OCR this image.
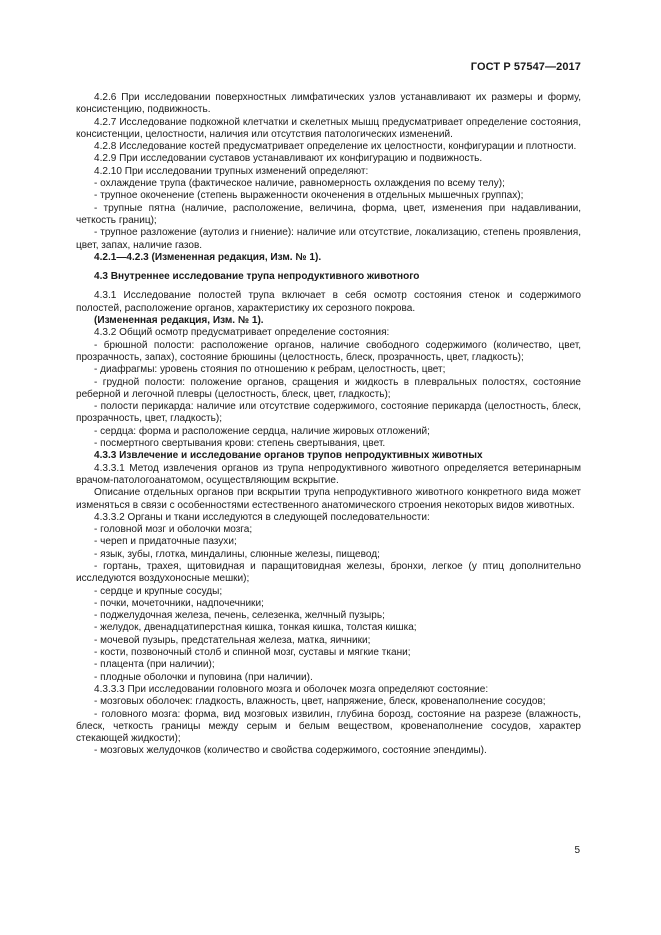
ГОСТ Р 57547—2017

4.2.6 При исследовании поверхностных лимфатических узлов устанавливают их размеры и форму, консистенцию, подвижность.

4.2.7 Исследование подкожной клетчатки и скелетных мышц предусматривает определение состояния, консистенции, целостности, наличия или отсутствия патологических изменений.

4.2.8 Исследование костей предусматривает определение их целостности, конфигурации и плотности.

4.2.9 При исследовании суставов устанавливают их конфигурацию и подвижность.

4.2.10 При исследовании трупных изменений определяют:

- охлаждение трупа (фактическое наличие, равномерность охлаждения по всему телу);

- трупное окоченение (степень выраженности окоченения в отдельных мышечных группах);

- трупные пятна (наличие, расположение, величина, форма, цвет, изменения при надавливании, четкость границ);

- трупное разложение (аутолиз и гниение): наличие или отсутствие, локализацию, степень проявления, цвет, запах, наличие газов.

4.2.1—4.2.3 (Измененная редакция, Изм. № 1).

4.3 Внутреннее исследование трупа непродуктивного животного

4.3.1 Исследование полостей трупа включает в себя осмотр состояния стенок и содержимого полостей, расположение органов, характеристику их серозного покрова.

(Измененная редакция, Изм. № 1).

4.3.2 Общий осмотр предусматривает определение состояния:

- брюшной полости: расположение органов, наличие свободного содержимого (количество, цвет, прозрачность, запах), состояние брюшины (целостность, блеск, прозрачность, цвет, гладкость);

- диафрагмы: уровень стояния по отношению к ребрам, целостность, цвет;

- грудной полости: положение органов, сращения и жидкость в плевральных полостях, состояние реберной и легочной плевры (целостность, блеск, цвет, гладкость);

- полости перикарда: наличие или отсутствие содержимого, состояние перикарда (целостность, блеск, прозрачность, цвет, гладкость);

- сердца: форма и расположение сердца, наличие жировых отложений;

- посмертного свертывания крови: степень свертывания, цвет.

4.3.3 Извлечение и исследование органов трупов непродуктивных животных

4.3.3.1 Метод извлечения органов из трупа непродуктивного животного определяется ветеринарным врачом-патологоанатомом, осуществляющим вскрытие.

Описание отдельных органов при вскрытии трупа непродуктивного животного конкретного вида может изменяться в связи с особенностями естественного анатомического строения некоторых видов животных.

4.3.3.2 Органы и ткани исследуются в следующей последовательности:

- головной мозг и оболочки мозга;

- череп и придаточные пазухи;

- язык, зубы, глотка, миндалины, слюнные железы, пищевод;

- гортань, трахея, щитовидная и паращитовидная железы, бронхи, легкое (у птиц дополнительно исследуются воздухоносные мешки);

- сердце и крупные сосуды;

- почки, мочеточники, надпочечники;

- поджелудочная железа, печень, селезенка, желчный пузырь;

- желудок, двенадцатиперстная кишка, тонкая кишка, толстая кишка;

- мочевой пузырь, предстательная железа, матка, яичники;

- кости, позвоночный столб и спинной мозг, суставы и мягкие ткани;

- плацента (при наличии);

- плодные оболочки и пуповина (при наличии).

4.3.3.3 При исследовании головного мозга и оболочек мозга определяют состояние:

- мозговых оболочек: гладкость, влажность, цвет, напряжение, блеск, кровенаполнение сосудов;

- головного мозга: форма, вид мозговых извилин, глубина борозд, состояние на разрезе (влажность, блеск, четкость границы между серым и белым веществом, кровенаполнение сосудов, характер стекающей жидкости);

- мозговых желудочков (количество и свойства содержимого, состояние эпендимы).

5
